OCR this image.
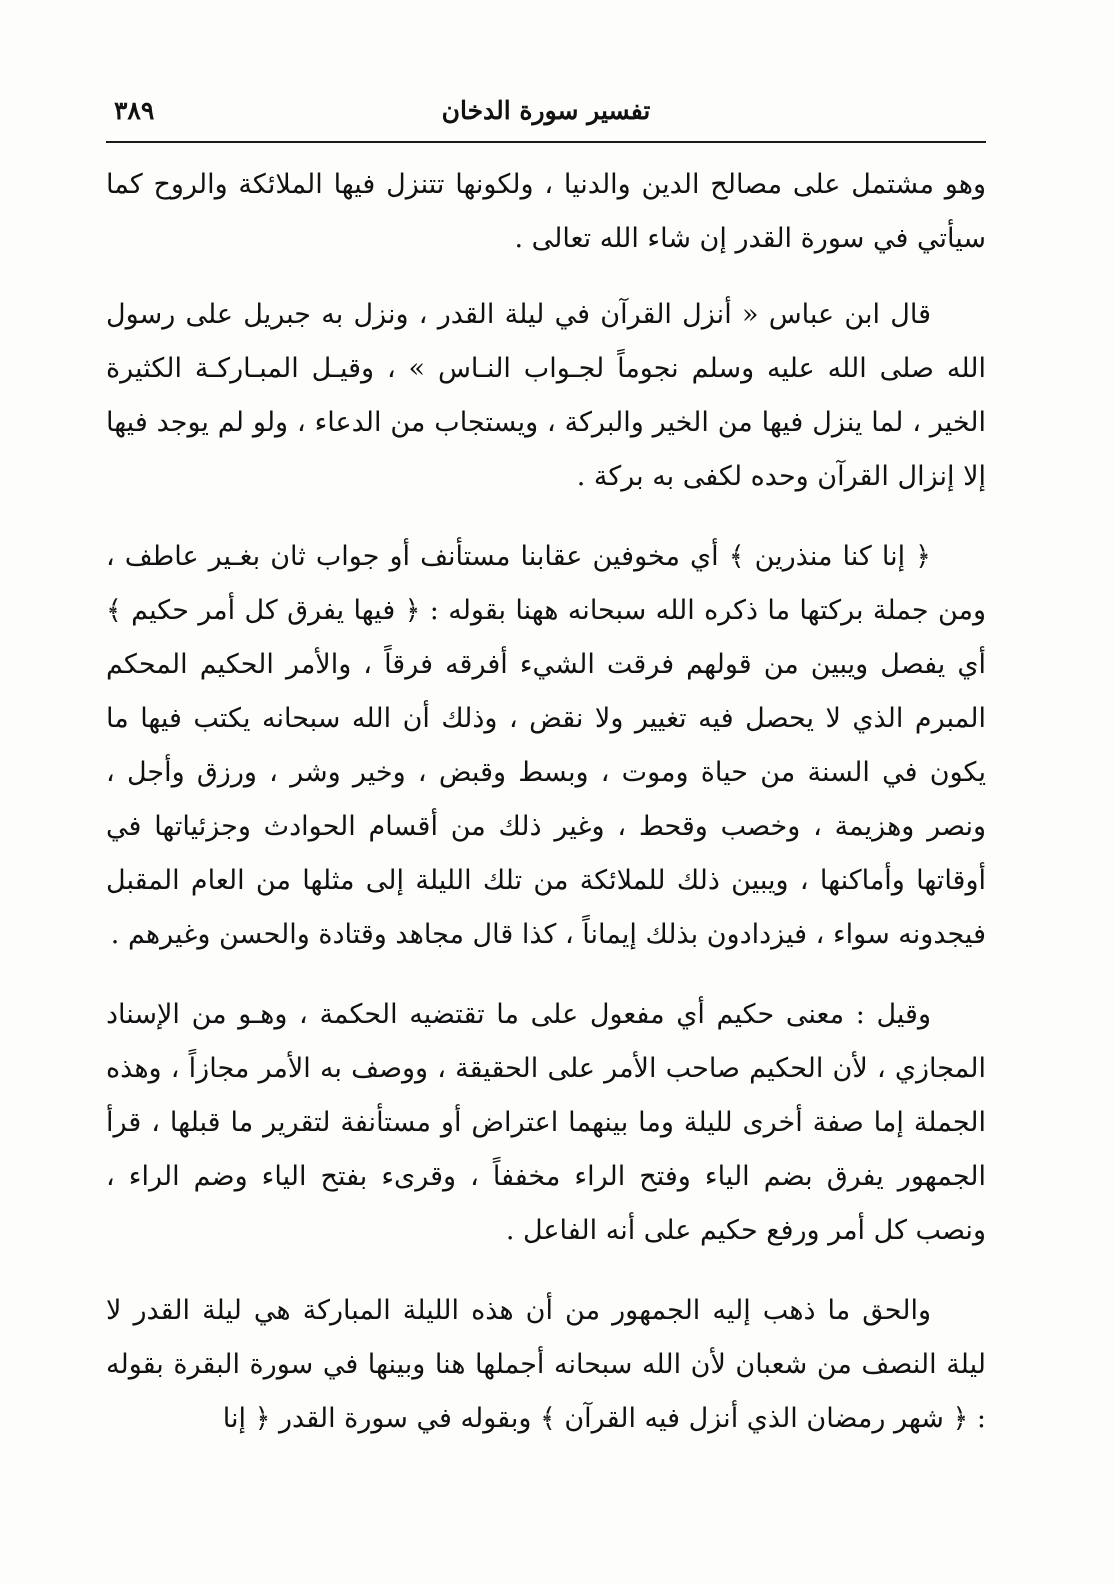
تفسير سورة الدخان
٣٨٩

وهو مشتمل على مصالح الدين والدنيا ، ولكونها تتنزل فيها الملائكة والروح كما سيأتي في سورة القدر إن شاء الله تعالى .

قال ابن عباس « أنزل القرآن في ليلة القدر ، ونزل به جبريل على رسول الله صلى الله عليه وسلم نجوماً لجـواب النـاس » ، وقيـل المبـاركـة الكثيرة الخير ، لما ينزل فيها من الخير والبركة ، ويستجاب من الدعاء ، ولو لم يوجد فيها إلا إنزال القرآن وحده لكفى به بركة .

﴿ إنا كنا منذرين ﴾ أي مخوفين عقابنا مستأنف أو جواب ثان بغـير عاطف ، ومن جملة بركتها ما ذكره الله سبحانه ههنا بقوله : ﴿ فيها يفرق كل أمر حكيم ﴾ أي يفصل ويبين من قولهم فرقت الشيء أفرقه فرقاً ، والأمر الحكيم المحكم المبرم الذي لا يحصل فيه تغيير ولا نقض ، وذلك أن الله سبحانه يكتب فيها ما يكون في السنة من حياة وموت ، وبسط وقبض ، وخير وشر ، ورزق وأجل ، ونصر وهزيمة ، وخصب وقحط ، وغير ذلك من أقسام الحوادث وجزئياتها في أوقاتها وأماكنها ، ويبين ذلك للملائكة من تلك الليلة إلى مثلها من العام المقبل فيجدونه سواء ، فيزدادون بذلك إيماناً ، كذا قال مجاهد وقتادة والحسن وغيرهم .

وقيل : معنى حكيم أي مفعول على ما تقتضيه الحكمة ، وهـو من الإسناد المجازي ، لأن الحكيم صاحب الأمر على الحقيقة ، ووصف به الأمر مجازاً ، وهذه الجملة إما صفة أخرى لليلة وما بينهما اعتراض أو مستأنفة لتقرير ما قبلها ، قرأ الجمهور يفرق بضم الياء وفتح الراء مخففاً ، وقرىء بفتح الياء وضم الراء ، ونصب كل أمر ورفع حكيم على أنه الفاعل .

والحق ما ذهب إليه الجمهور من أن هذه الليلة المباركة هي ليلة القدر لا ليلة النصف من شعبان لأن الله سبحانه أجملها هنا وبينها في سورة البقرة بقوله : ﴿ شهر رمضان الذي أنزل فيه القرآن ﴾ وبقوله في سورة القدر ﴿ إنا
